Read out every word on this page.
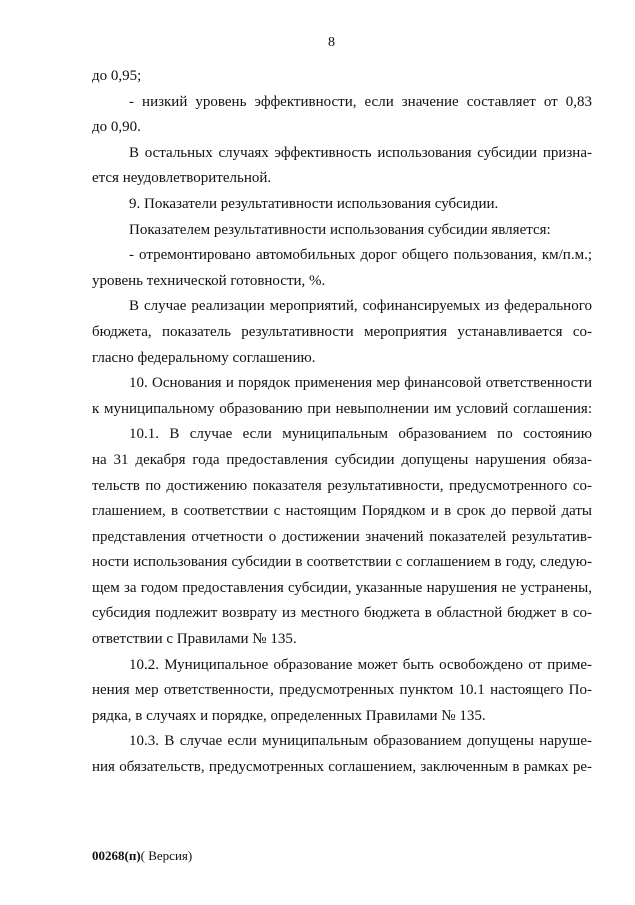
8
до 0,95;
- низкий уровень эффективности, если значение составляет от 0,83
до 0,90.
В остальных случаях эффективность использования субсидии призна-
ется неудовлетворительной.
9. Показатели результативности использования субсидии.
Показателем результативности использования субсидии является:
- отремонтировано автомобильных дорог общего пользования, км/п.м.;
уровень технической готовности, %.
В случае реализации мероприятий, софинансируемых из федерального
бюджета, показатель результативности мероприятия устанавливается со-
гласно федеральному соглашению.
10. Основания и порядок применения мер финансовой ответственности
к муниципальному образованию при невыполнении им условий соглашения:
10.1. В случае если муниципальным образованием по состоянию
на 31 декабря года предоставления субсидии допущены нарушения обяза-
тельств по достижению показателя результативности, предусмотренного со-
глашением, в соответствии с настоящим Порядком и в срок до первой даты
представления отчетности о достижении значений показателей результатив-
ности использования субсидии в соответствии с соглашением в году, следую-
щем за годом предоставления субсидии, указанные нарушения не устранены,
субсидия подлежит возврату из местного бюджета в областной бюджет в со-
ответствии с Правилами № 135.
10.2. Муниципальное образование может быть освобождено от приме-
нения мер ответственности, предусмотренных пунктом 10.1 настоящего По-
рядка, в случаях и порядке, определенных Правилами № 135.
10.3. В случае если муниципальным образованием допущены наруше-
ния обязательств, предусмотренных соглашением, заключенным в рамках ре-
00268(п)( Версия)
